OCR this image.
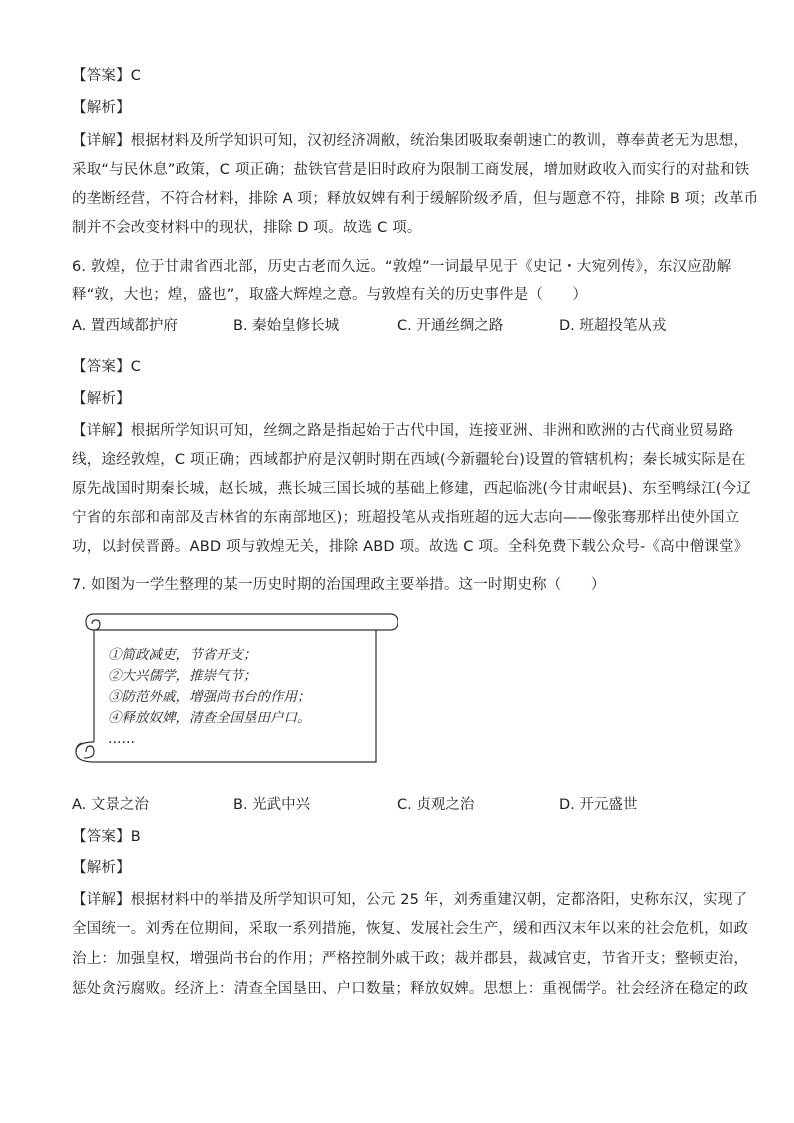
【答案】C
【解析】
【详解】根据材料及所学知识可知，汉初经济凋敝，统治集团吸取秦朝速亡的教训，尊奉黄老无为思想，
采取“与民休息”政策，C 项正确；盐铁官营是旧时政府为限制工商发展，增加财政收入而实行的对盐和铁
的垄断经营，不符合材料，排除 A 项；释放奴婢有利于缓解阶级矛盾，但与题意不符，排除 B 项；改革币
制并不会改变材料中的现状，排除 D 项。故选 C 项。
6. 敦煌，位于甘肃省西北部，历史古老而久远。“敦煌”一词最早见于《史记・大宛列传》，东汉应劭解
释“敦，大也；煌，盛也”，取盛大辉煌之意。与敦煌有关的历史事件是（　　）
A. 置西域都护府	B. 秦始皇修长城	C. 开通丝绸之路	D. 班超投笔从戎
【答案】C
【解析】
【详解】根据所学知识可知，丝绸之路是指起始于古代中国，连接亚洲、非洲和欧洲的古代商业贸易路
线，途经敦煌，C 项正确；西域都护府是汉朝时期在西域(今新疆轮台)设置的管辖机构；秦长城实际是在
原先战国时期秦长城，赵长城，燕长城三国长城的基础上修建，西起临洮(今甘肃岷县)、东至鸭绿江(今辽
宁省的东部和南部及吉林省的东南部地区)；班超投笔从戎指班超的远大志向——像张骞那样出使外国立
功，以封侯晋爵。ABD 项与敦煌无关，排除 ABD 项。故选 C 项。全科免费下载公众号-《高中僧课堂》
7. 如图为一学生整理的某一历史时期的治国理政主要举措。这一时期史称（　　）
①简政减吏，节省开支；
②大兴儒学，推崇气节；
③防范外戚，增强尚书台的作用；
④释放奴婢，清查全国垦田户口。
……
A. 文景之治	B. 光武中兴	C. 贞观之治	D. 开元盛世
【答案】B
【解析】
【详解】根据材料中的举措及所学知识可知，公元 25 年，刘秀重建汉朝，定都洛阳，史称东汉，实现了
全国统一。刘秀在位期间，采取一系列措施，恢复、发展社会生产，缓和西汉末年以来的社会危机，如政
治上：加强皇权，增强尚书台的作用；严格控制外戚干政；裁并郡县，裁减官吏，节省开支；整顿吏治，
惩处贪污腐败。经济上：清查全国垦田、户口数量；释放奴婢。思想上：重视儒学。社会经济在稳定的政
